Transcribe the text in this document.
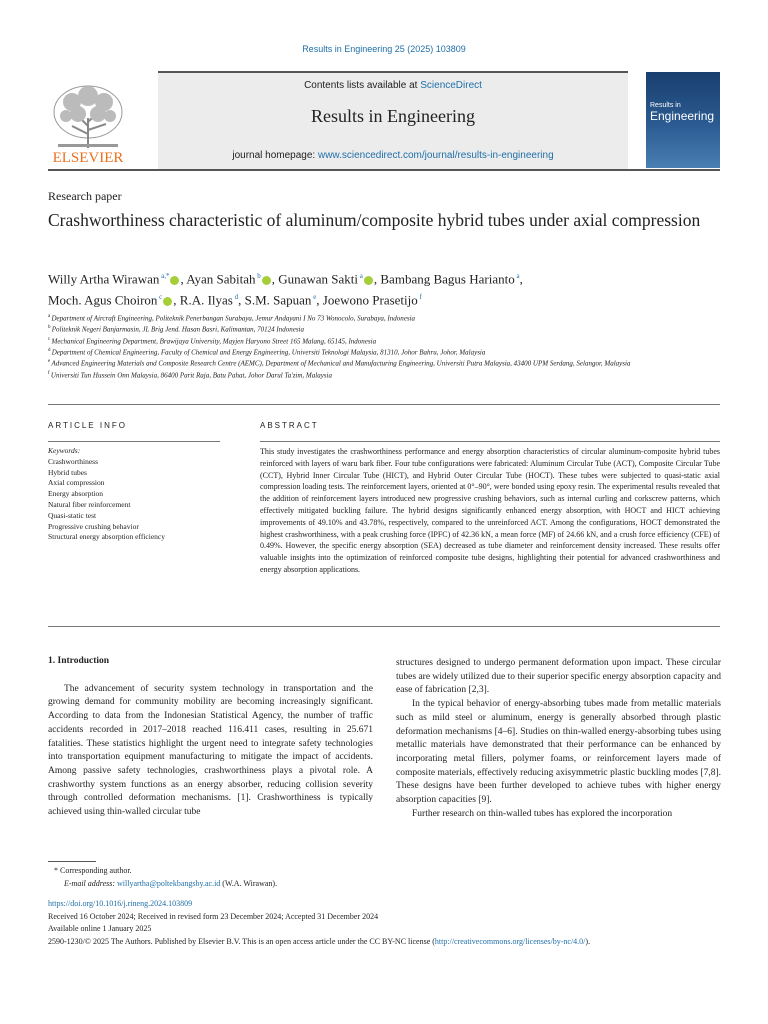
Results in Engineering 25 (2025) 103809
ELSEVIER
Contents lists available at ScienceDirect
Results in Engineering
journal homepage: www.sciencedirect.com/journal/results-in-engineering
Results in
Engineering
Research paper
Crashworthiness characteristic of aluminum/composite hybrid tubes under axial compression
Willy Artha Wirawan $^{a,*}$ , Ayan Sabitah $^b$ , Gunawan Sakti $^a$ , Bambang Bagus Harianto $^a$,
Moch. Agus Choiron $^c$ , R.A. Ilyas $^d$, S.M. Sapuan $^e$, Joewono Prasetijo $^f$
$^a$ Department of Aircraft Engineering, Politeknik Penerbangan Surabaya, Jemur Andayani I No 73 Wonocolo, Surabaya, Indonesia
$^b$ Politeknik Negeri Banjarmasin, JL Brig Jend. Hasan Basri, Kalimantan, 70124 Indonesia
$^c$ Mechanical Engineering Department, Brawijaya University, Mayjen Haryono Street 165 Malang, 65145, Indonesia
$^d$ Department of Chemical Engineering, Faculty of Chemical and Energy Engineering, Universiti Teknologi Malaysia, 81310, Johor Bahru, Johor, Malaysia
$^e$ Advanced Engineering Materials and Composite Research Centre (AEMC), Department of Mechanical and Manufacturing Engineering, Universiti Putra Malaysia, 43400 UPM Serdang, Selangor, Malaysia
$^f$ Universiti Tun Hussein Onn Malaysia, 86400 Parit Raja, Batu Pahat, Johor Darul Ta'zim, Malaysia
ARTICLE INFO	ABSTRACT
Keywords:
Crashworthiness
Hybrid tubes
Axial compression
Energy absorption
Natural fiber reinforcement
Quasi-static test
Progressive crushing behavior
Structural energy absorption efficiency
This study investigates the crashworthiness performance and energy absorption characteristics of circular aluminum-composite hybrid tubes reinforced with layers of waru bark fiber. Four tube configurations were fabricated: Aluminum Circular Tube (ACT), Composite Circular Tube (CCT), Hybrid Inner Circular Tube (HICT), and Hybrid Outer Circular Tube (HOCT). These tubes were subjected to quasi-static axial compression loading tests. The reinforcement layers, oriented at 0°–90°, were bonded using epoxy resin. The experimental results revealed that the addition of reinforcement layers introduced new progressive crushing behaviors, such as internal curling and corkscrew patterns, which effectively mitigated buckling failure. The hybrid designs significantly enhanced energy absorption, with HOCT and HICT achieving improvements of 49.10% and 43.78%, respectively, compared to the unreinforced ACT. Among the configurations, HOCT demonstrated the highest crashworthiness, with a peak crushing force (IPFC) of 42.36 kN, a mean force (MF) of 24.66 kN, and a crush force efficiency (CFE) of 0.49%. However, the specific energy absorption (SEA) decreased as tube diameter and reinforcement density increased. These results offer valuable insights into the optimization of reinforced composite tube designs, highlighting their potential for advanced crashworthiness and energy absorption applications.
1. Introduction

The advancement of security system technology in transportation and the growing demand for community mobility are becoming increasingly significant. According to data from the Indonesian Statistical Agency, the number of traffic accidents recorded in 2017–2018 reached 116.411 cases, resulting in 25.671 fatalities. These statistics highlight the urgent need to integrate safety technologies into transportation equipment manufacturing to mitigate the impact of accidents. Among passive safety technologies, crashworthiness plays a pivotal role. A crashworthy system functions as an energy absorber, reducing collision severity through controlled deformation mechanisms. [1]. Crashworthiness is typically achieved using thin-walled circular tube

structures designed to undergo permanent deformation upon impact. These circular tubes are widely utilized due to their superior specific energy absorption capacity and ease of fabrication [2,3].

In the typical behavior of energy-absorbing tubes made from metallic materials such as mild steel or aluminum, energy is generally absorbed through plastic deformation mechanisms [4–6]. Studies on thin-walled energy-absorbing tubes using metallic materials have demonstrated that their performance can be enhanced by incorporating metal fillers, polymer foams, or reinforcement layers made of composite materials, effectively reducing axisymmetric plastic buckling modes [7,8]. These designs have been further developed to achieve tubes with higher energy absorption capacities [9].

Further research on thin-walled tubes has explored the incorporation

* Corresponding author.
E-mail address: willyartha@poltekbangsby.ac.id (W.A. Wirawan).
https://doi.org/10.1016/j.rineng.2024.103809
Received 16 October 2024; Received in revised form 23 December 2024; Accepted 31 December 2024
Available online 1 January 2025
2590-1230/© 2025 The Authors. Published by Elsevier B.V. This is an open access article under the CC BY-NC license (http://creativecommons.org/licenses/by-nc/4.0/).
